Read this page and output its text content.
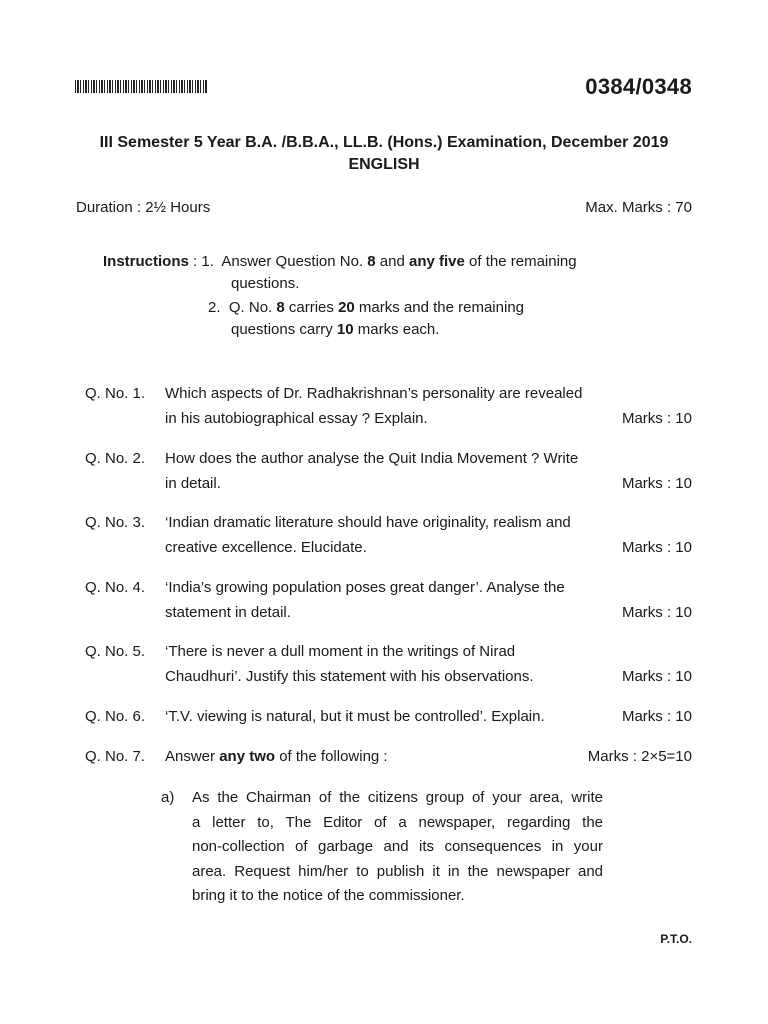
0384/0348
III Semester 5 Year B.A. /B.B.A., LL.B. (Hons.) Examination, December 2019
ENGLISH
Duration : 2½ Hours	Max. Marks : 70
Instructions : 1. Answer Question No. 8 and any five of the remaining
questions.
2. Q. No. 8 carries 20 marks and the remaining
questions carry 10 marks each.
Q. No. 1. Which aspects of Dr. Radhakrishnan’s personality are revealed
in his autobiographical essay ? Explain.	Marks : 10
Q. No. 2. How does the author analyse the Quit India Movement ? Write
in detail.	Marks : 10
Q. No. 3. ‘Indian dramatic literature should have originality, realism and
creative excellence. Elucidate.	Marks : 10
Q. No. 4. ‘India’s growing population poses great danger’. Analyse the
statement in detail.	Marks : 10
Q. No. 5. ‘There is never a dull moment in the writings of Nirad
Chaudhuri’. Justify this statement with his observations.	Marks : 10
Q. No. 6. ‘T.V. viewing is natural, but it must be controlled’. Explain.	Marks : 10
Q. No. 7. Answer any two of the following :	Marks : 2×5=10
a) As the Chairman of the citizens group of your area, write
a letter to, The Editor of a newspaper, regarding the
non-collection of garbage and its consequences in your
area. Request him/her to publish it in the newspaper and
bring it to the notice of the commissioner.
P.T.O.
